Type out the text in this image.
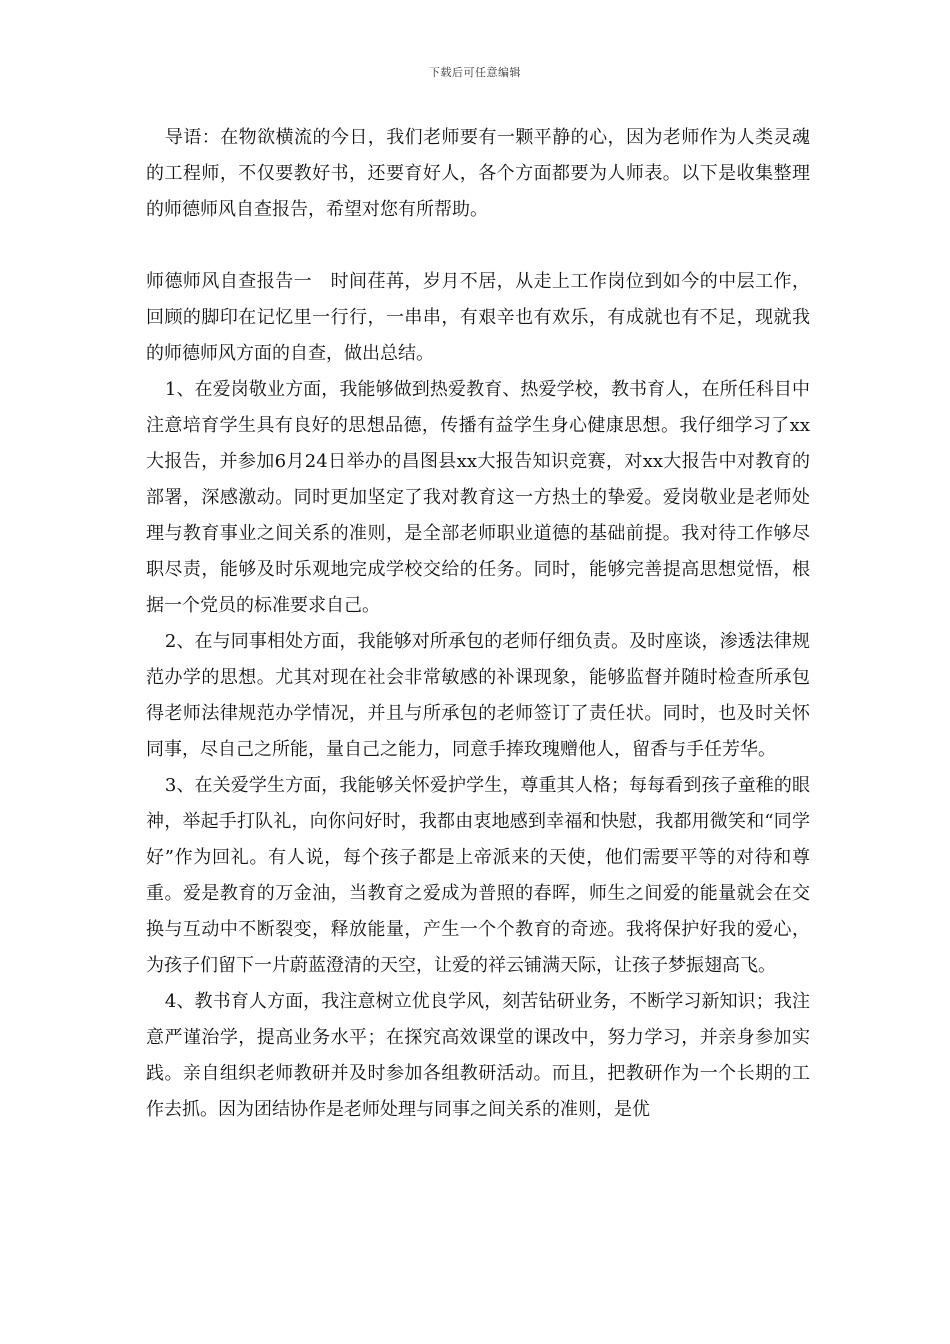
下载后可任意编辑

导语：在物欲横流的今日，我们老师要有一颗平静的心，因为老师作为人类灵魂的工程师，不仅要教好书，还要育好人，各个方面都要为人师表。以下是收集整理的师德师风自查报告，希望对您有所帮助。

师德师风自查报告一　时间荏苒，岁月不居，从走上工作岗位到如今的中层工作，回顾的脚印在记忆里一行行，一串串，有艰辛也有欢乐，有成就也有不足，现就我的师德师风方面的自查，做出总结。

1、在爱岗敬业方面，我能够做到热爱教育、热爱学校，教书育人，在所任科目中注意培育学生具有良好的思想品德，传播有益学生身心健康思想。我仔细学习了xx大报告，并参加6月24日举办的昌图县xx大报告知识竞赛，对xx大报告中对教育的部署，深感激动。同时更加坚定了我对教育这一方热土的挚爱。爱岗敬业是老师处理与教育事业之间关系的准则，是全部老师职业道德的基础前提。我对待工作够尽职尽责，能够及时乐观地完成学校交给的任务。同时，能够完善提高思想觉悟，根据一个党员的标准要求自己。

2、在与同事相处方面，我能够对所承包的老师仔细负责。及时座谈，渗透法律规范办学的思想。尤其对现在社会非常敏感的补课现象，能够监督并随时检查所承包得老师法律规范办学情况，并且与所承包的老师签订了责任状。同时，也及时关怀同事，尽自己之所能，量自己之能力，同意手捧玫瑰赠他人，留香与手任芳华。

3、在关爱学生方面，我能够关怀爱护学生，尊重其人格；每每看到孩子童稚的眼神，举起手打队礼，向你问好时，我都由衷地感到幸福和快慰，我都用微笑和“同学好”作为回礼。有人说，每个孩子都是上帝派来的天使，他们需要平等的对待和尊重。爱是教育的万金油，当教育之爱成为普照的春晖，师生之间爱的能量就会在交换与互动中不断裂变，释放能量，产生一个个教育的奇迹。我将保护好我的爱心，为孩子们留下一片蔚蓝澄清的天空，让爱的祥云铺满天际，让孩子梦振翅高飞。

4、教书育人方面，我注意树立优良学风，刻苦钻研业务，不断学习新知识；我注意严谨治学，提高业务水平；在探究高效课堂的课改中，努力学习，并亲身参加实践。亲自组织老师教研并及时参加各组教研活动。而且，把教研作为一个长期的工作去抓。因为团结协作是老师处理与同事之间关系的准则，是优
